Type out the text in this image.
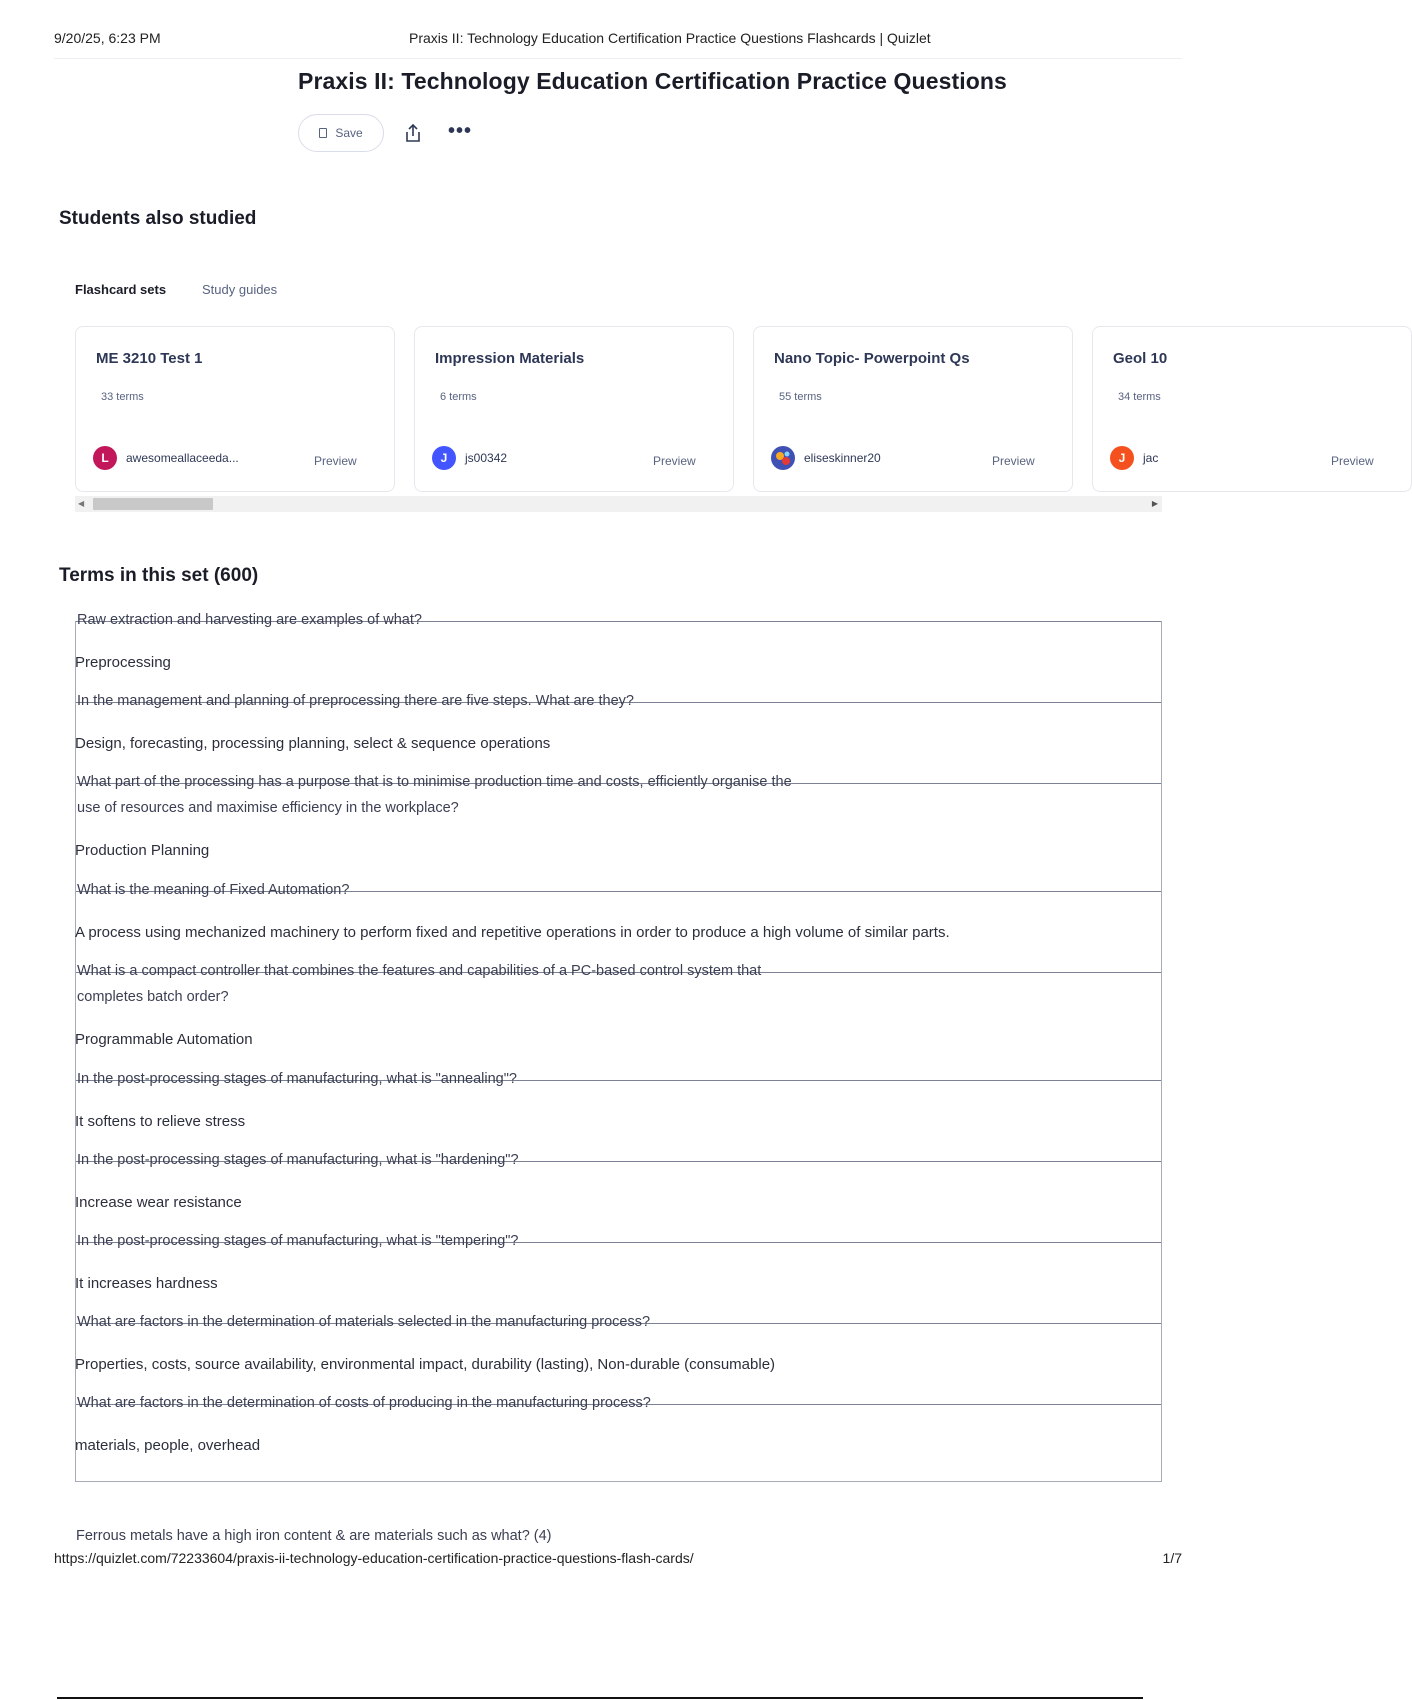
9/20/25, 6:23 PM	Praxis II: Technology Education Certification Practice Questions Flashcards | Quizlet
Praxis II: Technology Education Certification Practice Questions
Save	•••
Students also studied
Flashcard sets	Study guides
ME 3210 Test 1
33 terms
L	awesomeallaceeda...	Preview
Impression Materials
6 terms
J	js00342	Preview
Nano Topic- Powerpoint Qs
55 terms
eliseskinner20	Preview
Geol 10
34 terms
J	jac	Preview
◀	▶
Terms in this set (600)
Raw extraction and harvesting are examples of what?
Preprocessing
In the management and planning of preprocessing there are five steps. What are they?
Design, forecasting, processing planning, select & sequence operations
What part of the processing has a purpose that is to minimise production time and costs, efficiently organise the
use of resources and maximise efficiency in the workplace?
Production Planning
What is the meaning of Fixed Automation?
A process using mechanized machinery to perform fixed and repetitive operations in order to produce a high volume of similar parts.
What is a compact controller that combines the features and capabilities of a PC-based control system that
completes batch order?
Programmable Automation
In the post-processing stages of manufacturing, what is "annealing"?
It softens to relieve stress
In the post-processing stages of manufacturing, what is "hardening"?
Increase wear resistance
In the post-processing stages of manufacturing, what is "tempering"?
It increases hardness
What are factors in the determination of materials selected in the manufacturing process?
Properties, costs, source availability, environmental impact, durability (lasting), Non-durable (consumable)
What are factors in the determination of costs of producing in the manufacturing process?
materials, people, overhead
Ferrous metals have a high iron content & are materials such as what? (4)
https://quizlet.com/72233604/praxis-ii-technology-education-certification-practice-questions-flash-cards/	1/7
